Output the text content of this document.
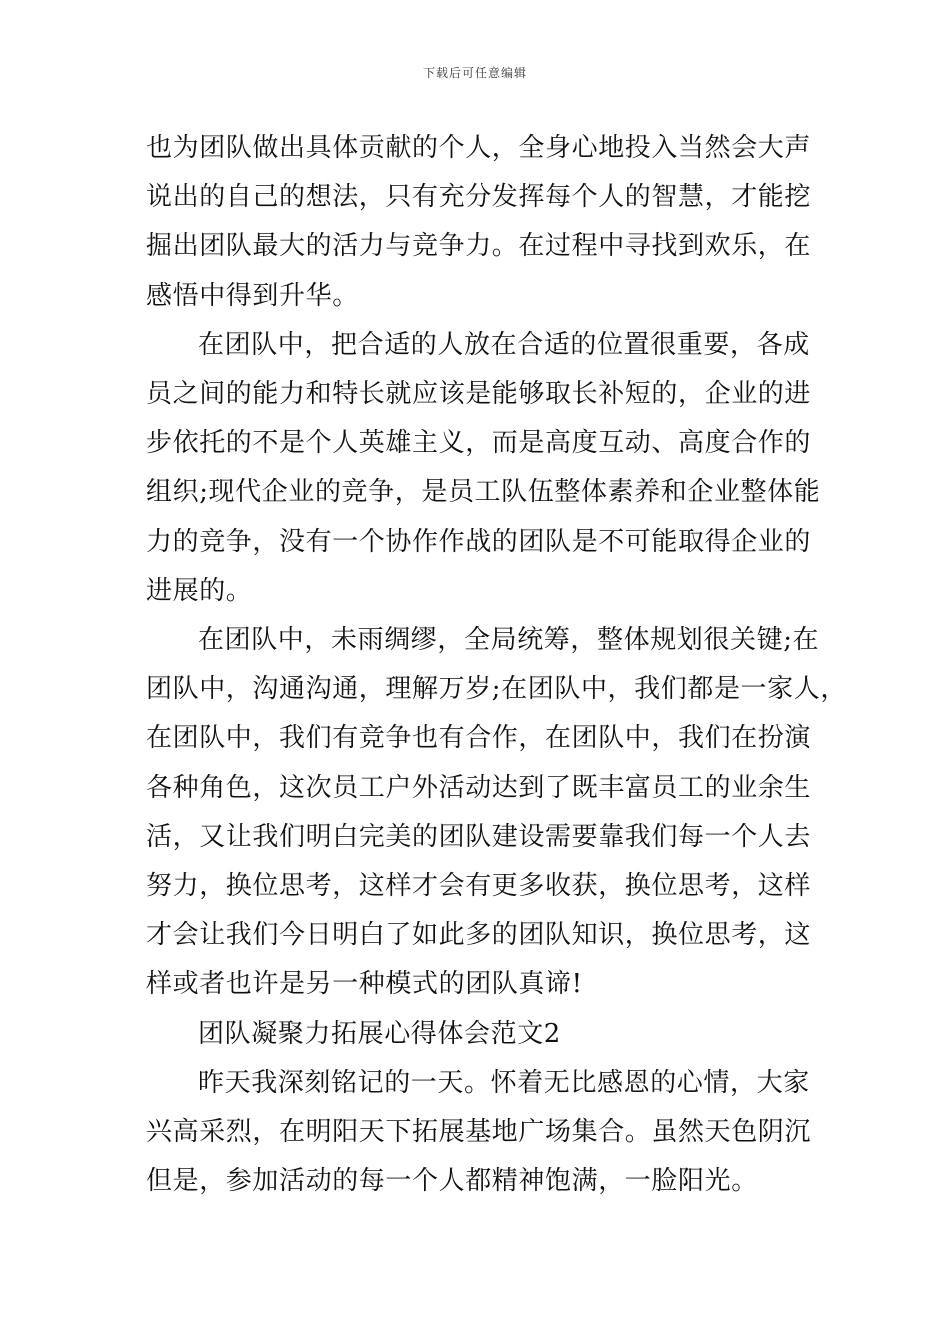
下载后可任意编辑

也为团队做出具体贡献的个人，全身心地投入当然会大声
说出的自己的想法，只有充分发挥每个人的智慧，才能挖
掘出团队最大的活力与竞争力。在过程中寻找到欢乐，在
感悟中得到升华。

在团队中，把合适的人放在合适的位置很重要，各成
员之间的能力和特长就应该是能够取长补短的，企业的进
步依托的不是个人英雄主义，而是高度互动、高度合作的
组织;现代企业的竞争，是员工队伍整体素养和企业整体能
力的竞争，没有一个协作作战的团队是不可能取得企业的
进展的。

在团队中，未雨绸缪，全局统筹，整体规划很关键;在
团队中，沟通沟通，理解万岁;在团队中，我们都是一家人，
在团队中，我们有竞争也有合作，在团队中，我们在扮演
各种角色，这次员工户外活动达到了既丰富员工的业余生
活，又让我们明白完美的团队建设需要靠我们每一个人去
努力，换位思考，这样才会有更多收获，换位思考，这样
才会让我们今日明白了如此多的团队知识，换位思考，这
样或者也许是另一种模式的团队真谛!

团队凝聚力拓展心得体会范文2

昨天我深刻铭记的一天。怀着无比感恩的心情，大家
兴高采烈，在明阳天下拓展基地广场集合。虽然天色阴沉
但是，参加活动的每一个人都精神饱满，一脸阳光。
